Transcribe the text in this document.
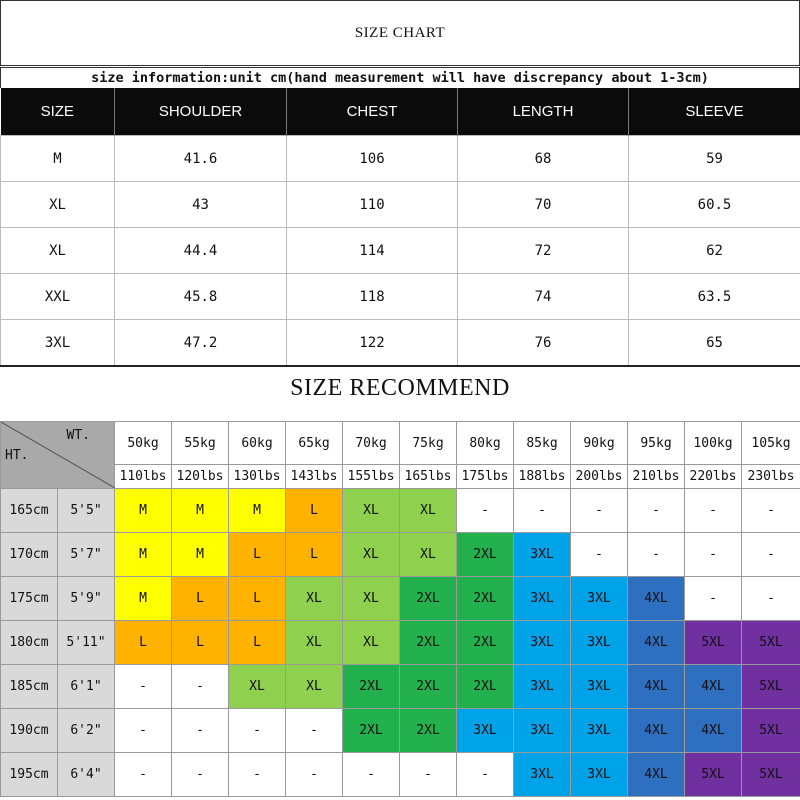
SIZE CHART
size information:unit cm(hand measurement will have discrepancy about 1-3cm)
SIZE	SHOULDER	CHEST	LENGTH	SLEEVE
M	41.6	106	68	59
XL	43	110	70	60.5
XL	44.4	114	72	62
XXL	45.8	118	74	63.5
3XL	47.2	122	76	65
SIZE RECOMMEND
WT.
HT.		50kg	55kg	60kg	65kg	70kg	75kg	80kg	85kg	90kg	95kg	100kg	105kg
		110lbs	120lbs	130lbs	143lbs	155lbs	165lbs	175lbs	188lbs	200lbs	210lbs	220lbs	230lbs
165cm	5'5"	M	M	M	L	XL	XL	-	-	-	-	-	-
170cm	5'7"	M	M	L	L	XL	XL	2XL	3XL	-	-	-	-
175cm	5'9"	M	L	L	XL	XL	2XL	2XL	3XL	3XL	4XL	-	-
180cm	5'11"	L	L	L	XL	XL	2XL	2XL	3XL	3XL	4XL	5XL	5XL
185cm	6'1"	-	-	XL	XL	2XL	2XL	2XL	3XL	3XL	4XL	4XL	5XL
190cm	6'2"	-	-	-	-	2XL	2XL	3XL	3XL	3XL	4XL	4XL	5XL
195cm	6'4"	-	-	-	-	-	-	-	3XL	3XL	4XL	5XL	5XL
